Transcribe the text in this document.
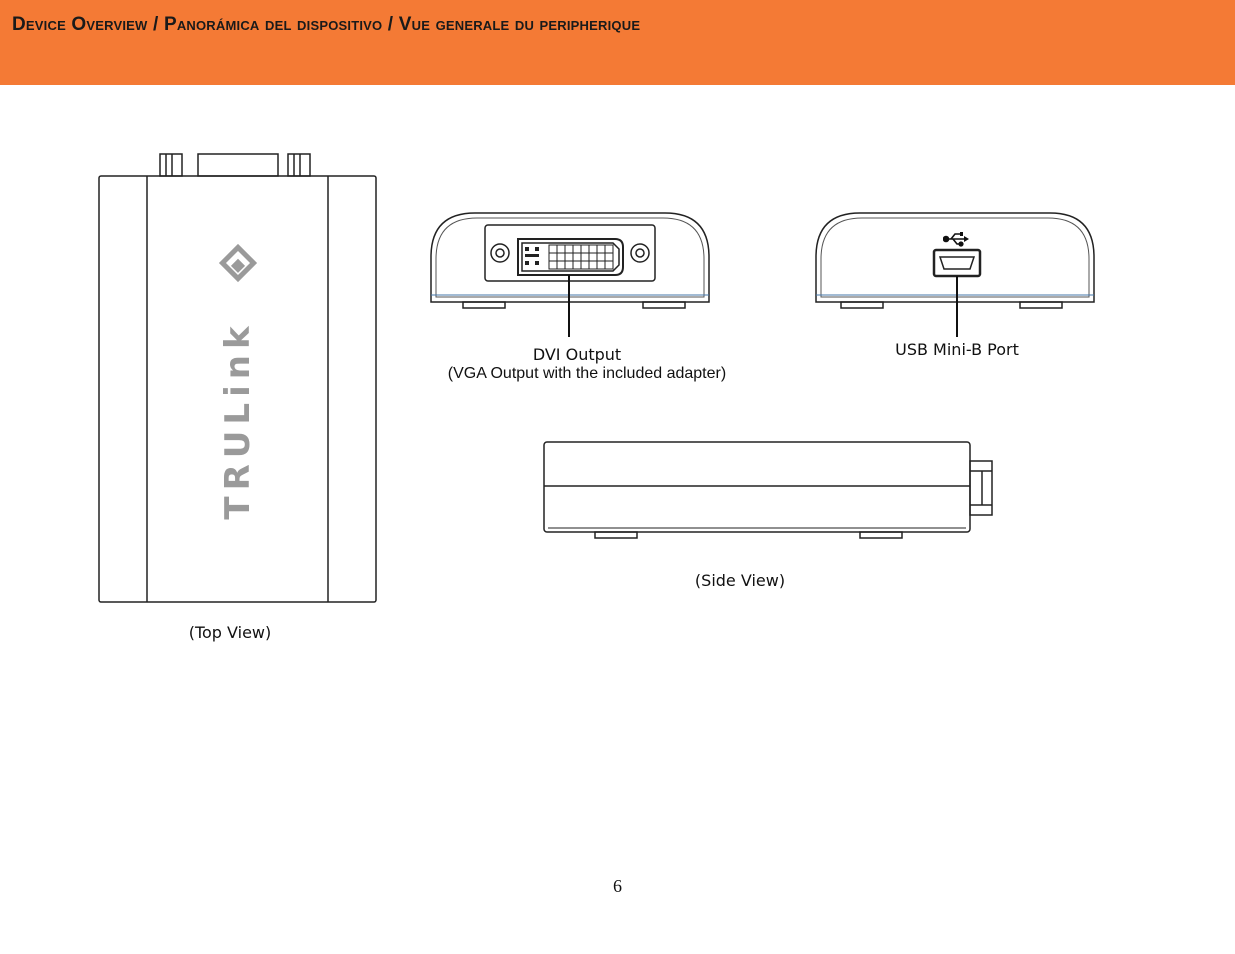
Device Overview / Panorámica del dispositivo / Vue generale du peripherique
TRULink
(Top View)
DVI Output
(VGA Output with the included adapter)
USB Mini-B Port
(Side View)
6
